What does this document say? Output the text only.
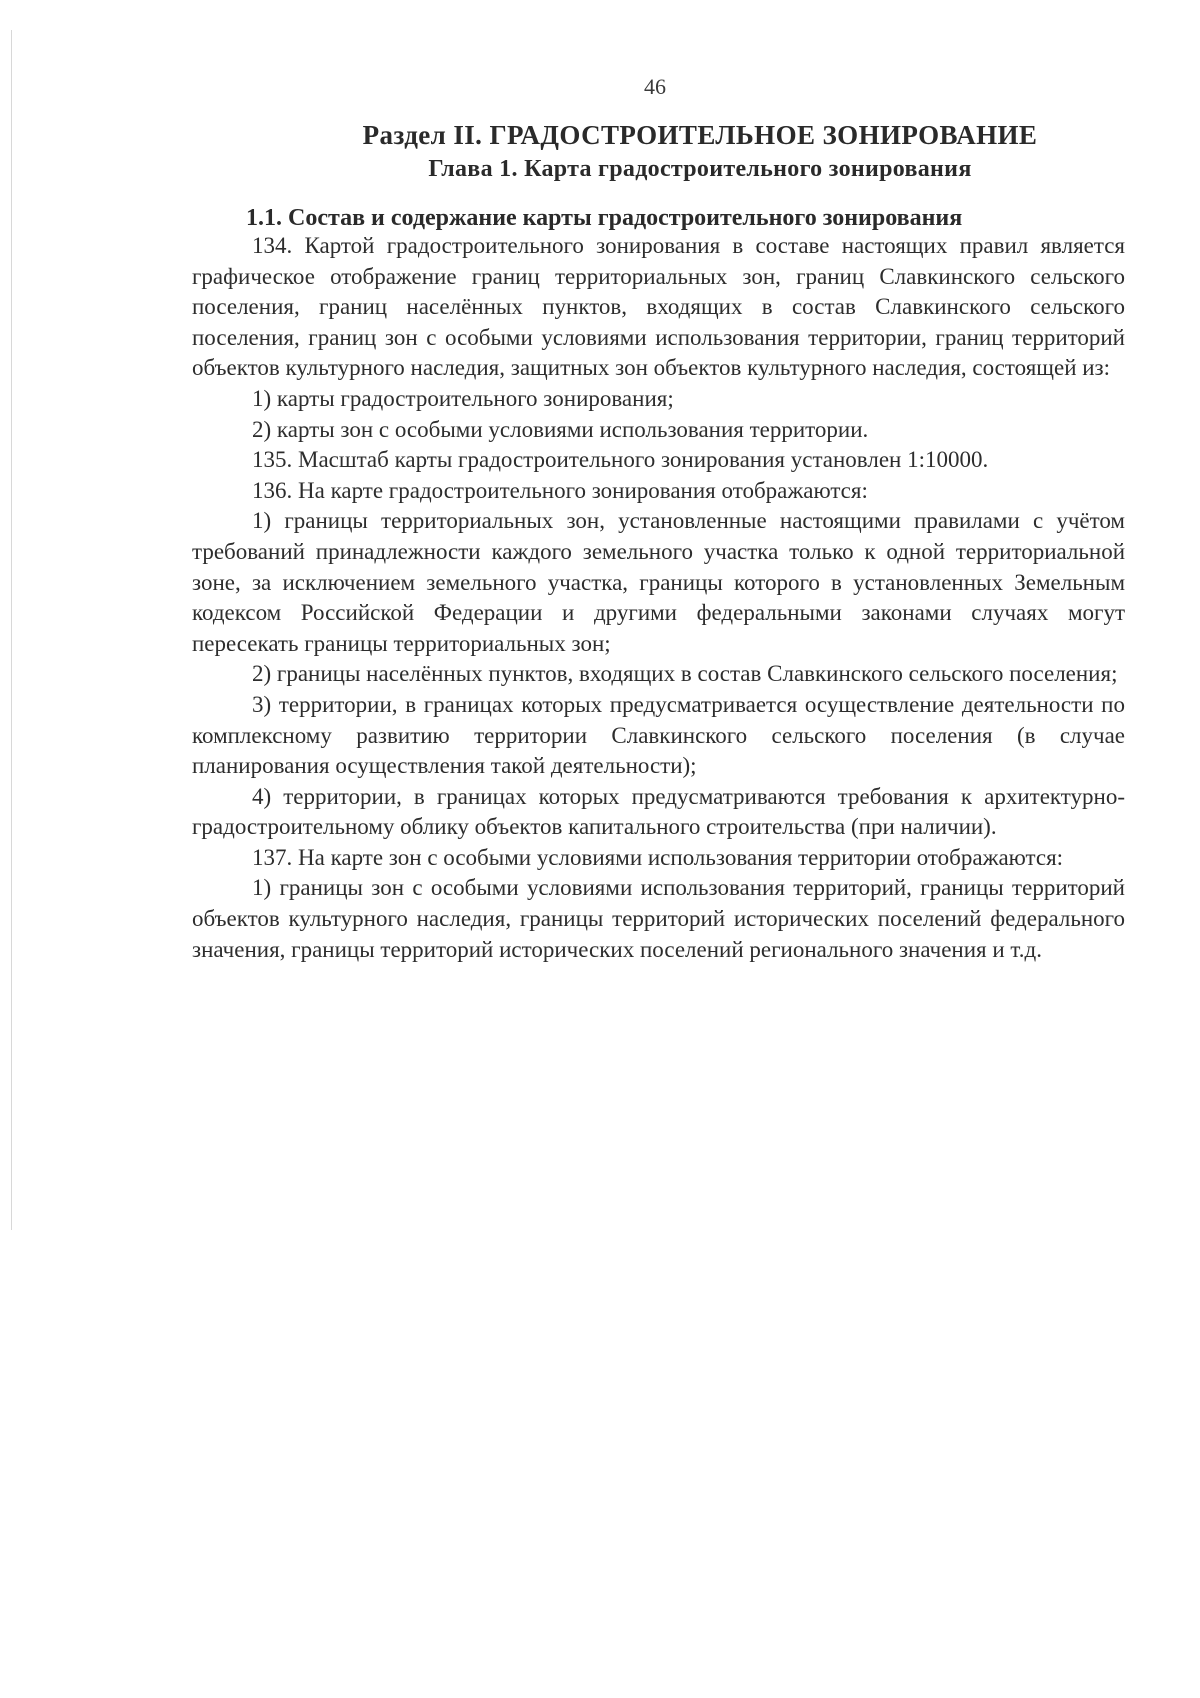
46
Раздел II. ГРАДОСТРОИТЕЛЬНОЕ ЗОНИРОВАНИЕ
Глава 1. Карта градостроительного зонирования
1.1. Состав и содержание карты градостроительного зонирования

134. Картой градостроительного зонирования в составе настоящих правил является графическое отображение границ территориальных зон, границ Славкинского сельского поселения, границ населённых пунктов, входящих в состав Славкинского сельского поселения, границ зон с особыми условиями использования территории, границ территорий объектов культурного наследия, защитных зон объектов культурного наследия, состоящей из:

1) карты градостроительного зонирования;

2) карты зон с особыми условиями использования территории.

135. Масштаб карты градостроительного зонирования установлен 1:10000.

136. На карте градостроительного зонирования отображаются:

1) границы территориальных зон, установленные настоящими правилами с учётом требований принадлежности каждого земельного участка только к одной территориальной зоне, за исключением земельного участка, границы которого в установленных Земельным кодексом Российской Федерации и другими федеральными законами случаях могут пересекать границы территориальных зон;

2) границы населённых пунктов, входящих в состав Славкинского сельского поселения;

3) территории, в границах которых предусматривается осуществление деятельности по комплексному развитию территории Славкинского сельского поселения (в случае планирования осуществления такой деятельности);

4) территории, в границах которых предусматриваются требования к архитектурно-градостроительному облику объектов капитального строительства (при наличии).

137. На карте зон с особыми условиями использования территории отображаются:

1) границы зон с особыми условиями использования территорий, границы территорий объектов культурного наследия, границы территорий исторических поселений федерального значения, границы территорий исторических поселений регионального значения и т.д.
